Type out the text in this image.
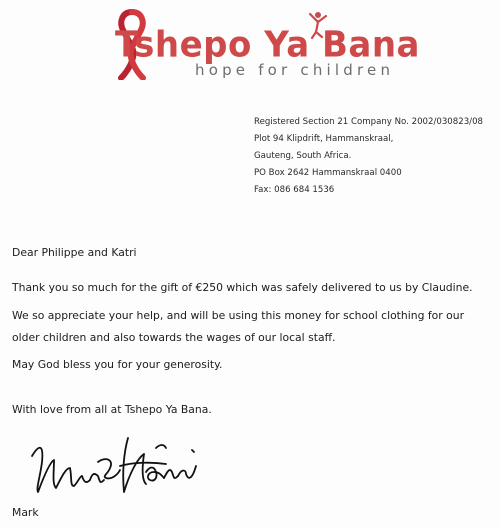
Tshepo Ya Bana
hope for children
Registered Section 21 Company No. 2002/030823/08
Plot 94 Klipdrift, Hammanskraal,
Gauteng, South Africa.
PO Box 2642 Hammanskraal 0400
Fax: 086 684 1536
Dear Philippe and Katri
Thank you so much for the gift of €250 which was safely delivered to us by Claudine.
We so appreciate your help, and will be using this money for school clothing for our
older children and also towards the wages of our local staff.
May God bless you for your generosity.
With love from all at Tshepo Ya Bana.
Mark
